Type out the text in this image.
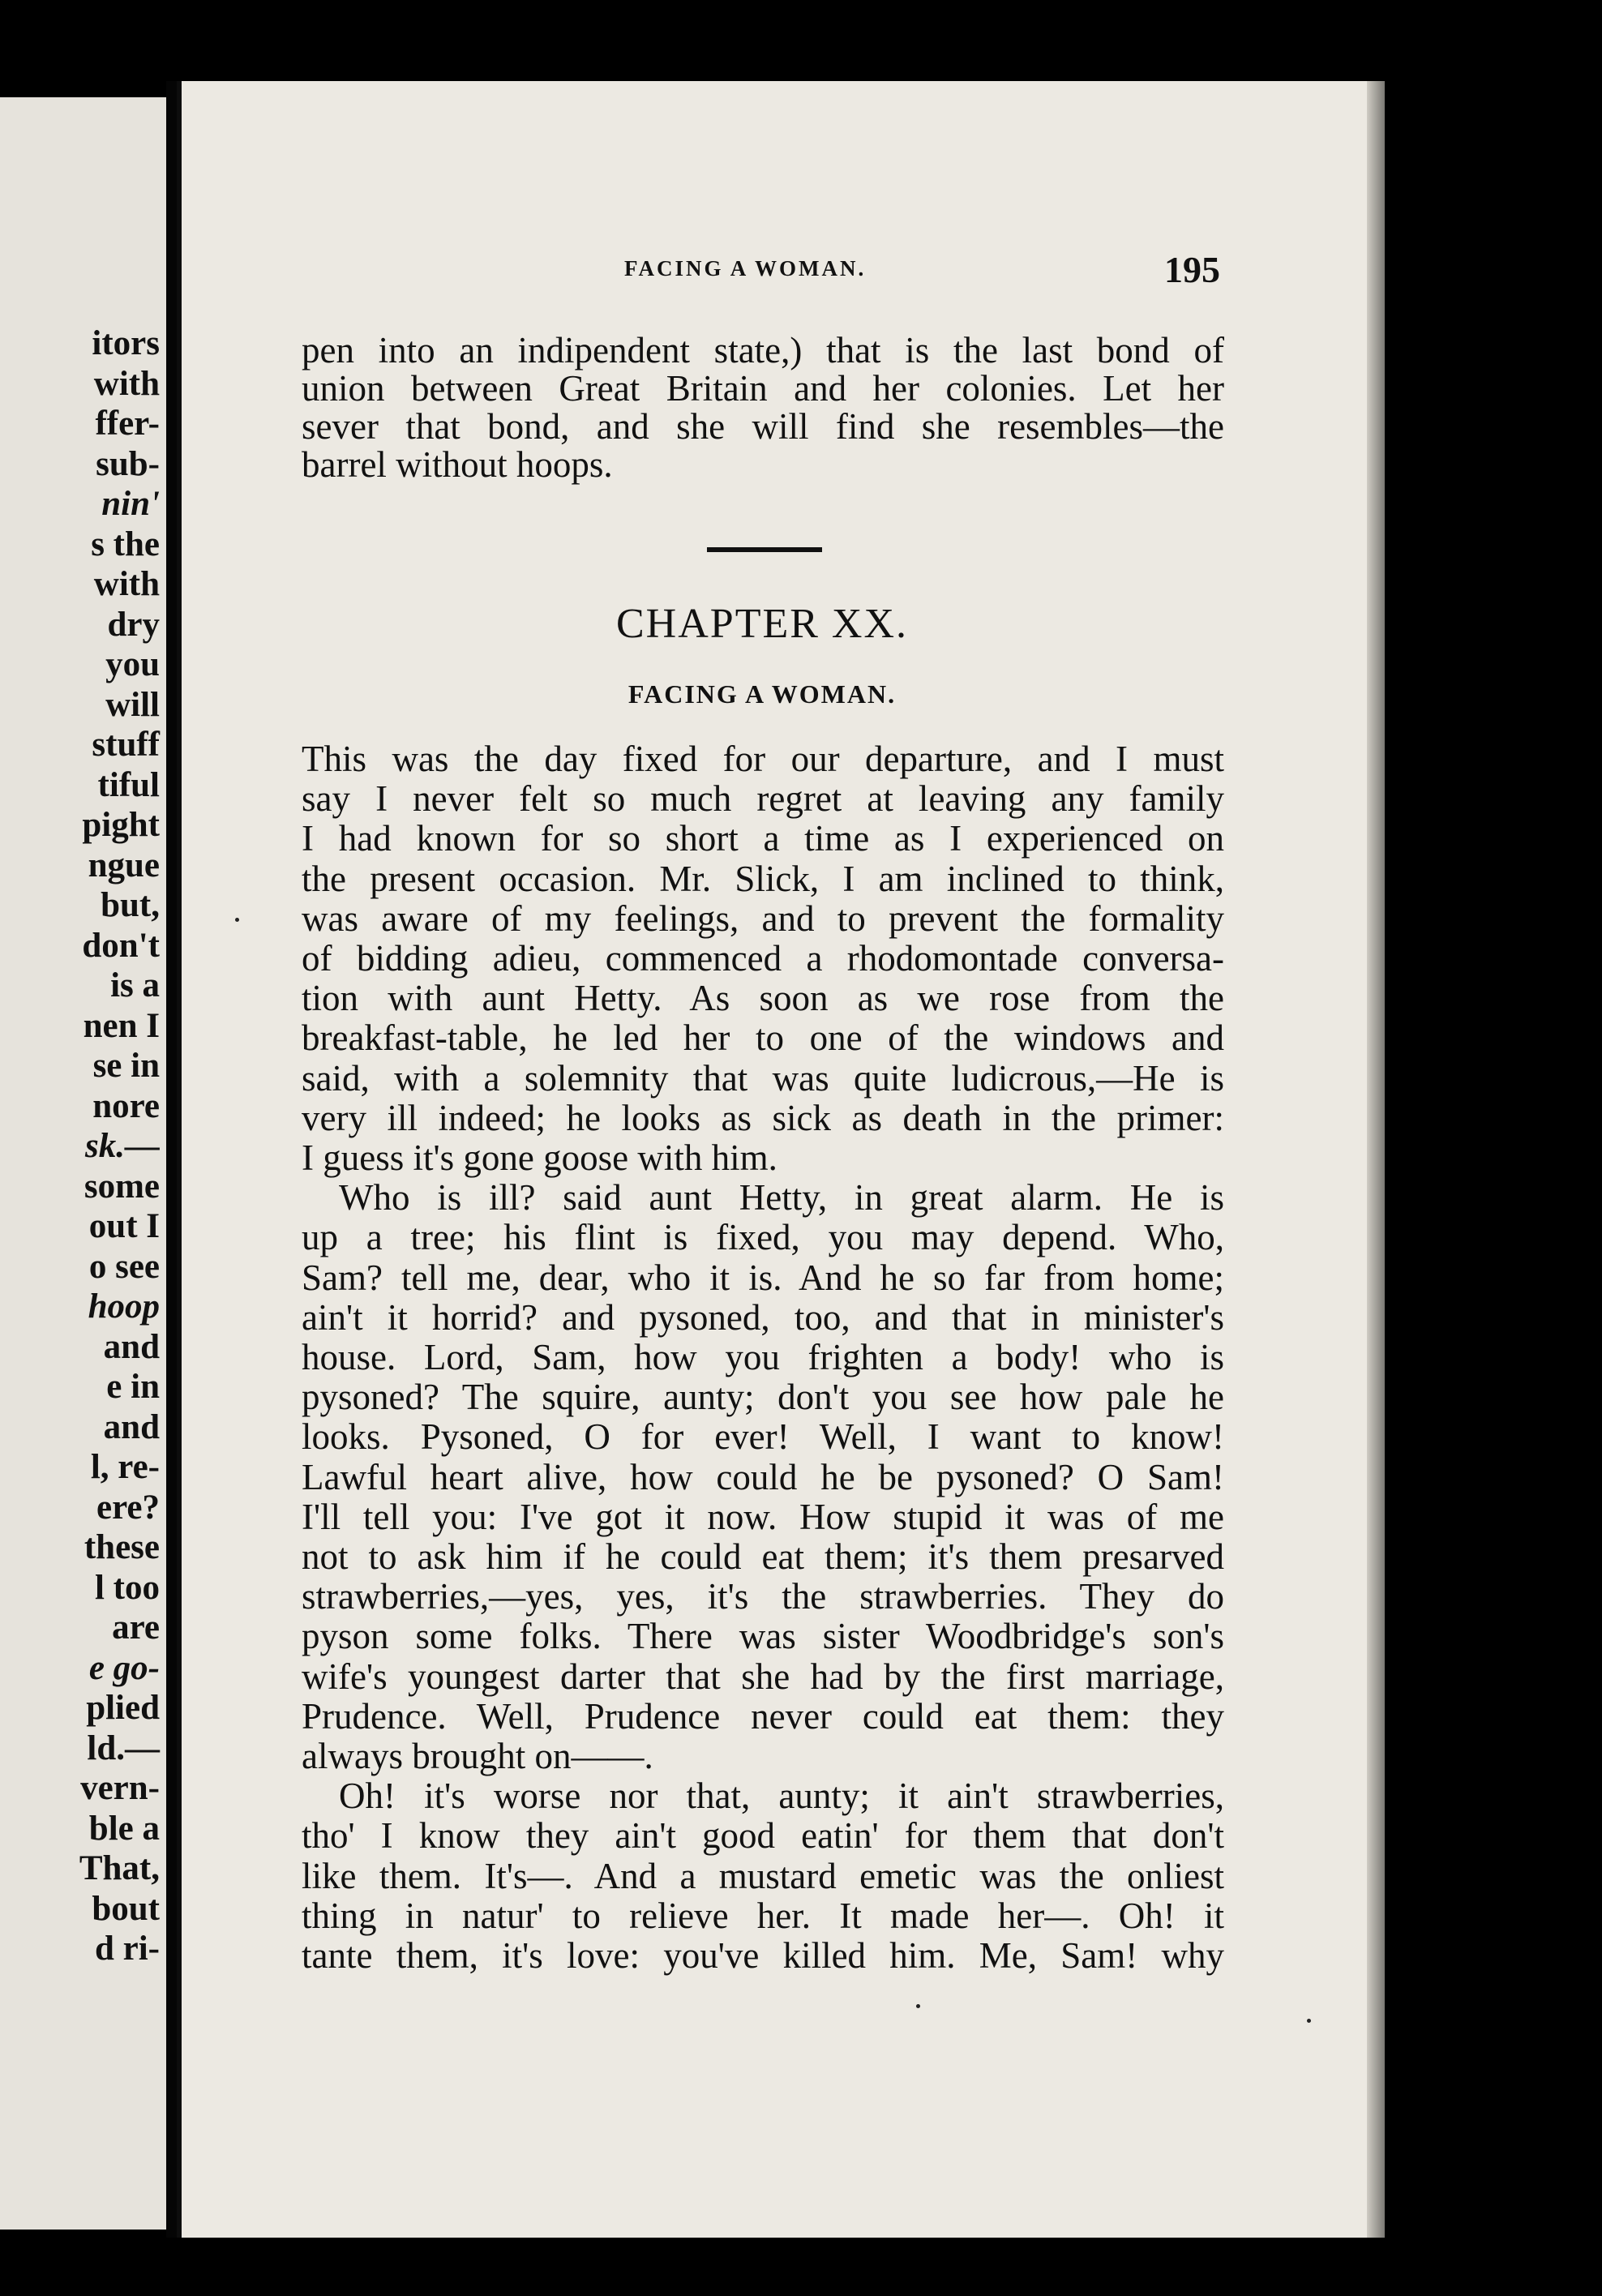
itors
with
ffer-
sub-
nin'
s the
with
dry
you
will
stuff
tiful
pight
ngue
but,
don't
is a
nen I
se in
nore
sk.—
some
out I
o see
hoop
and
e in
and
l, re-
ere?
these
l too
are
e go-
plied
ld.—
vern-
ble a
That,
bout
d ri-
FACING A WOMAN.	195
pen into an indipendent state,) that is the last bond of
union between Great Britain and her colonies. Let her
sever that bond, and she will find she resembles—the
barrel without hoops.
CHAPTER XX.
FACING A WOMAN.
This was the day fixed for our departure, and I must
say I never felt so much regret at leaving any family
I had known for so short a time as I experienced on
the present occasion. Mr. Slick, I am inclined to think,
was aware of my feelings, and to prevent the formality
of bidding adieu, commenced a rhodomontade conversa-
tion with aunt Hetty. As soon as we rose from the
breakfast-table, he led her to one of the windows and
said, with a solemnity that was quite ludicrous,—He is
very ill indeed; he looks as sick as death in the primer:
I guess it's gone goose with him.
Who is ill? said aunt Hetty, in great alarm. He is
up a tree; his flint is fixed, you may depend. Who,
Sam? tell me, dear, who it is. And he so far from home;
ain't it horrid? and pysoned, too, and that in minister's
house. Lord, Sam, how you frighten a body! who is
pysoned? The squire, aunty; don't you see how pale he
looks. Pysoned, O for ever! Well, I want to know!
Lawful heart alive, how could he be pysoned? O Sam!
I'll tell you: I've got it now. How stupid it was of me
not to ask him if he could eat them; it's them presarved
strawberries,—yes, yes, it's the strawberries. They do
pyson some folks. There was sister Woodbridge's son's
wife's youngest darter that she had by the first marriage,
Prudence. Well, Prudence never could eat them: they
always brought on——.
Oh! it's worse nor that, aunty; it ain't strawberries,
tho' I know they ain't good eatin' for them that don't
like them. It's—. And a mustard emetic was the onliest
thing in natur' to relieve her. It made her—. Oh! it
tante them, it's love: you've killed him. Me, Sam! why
